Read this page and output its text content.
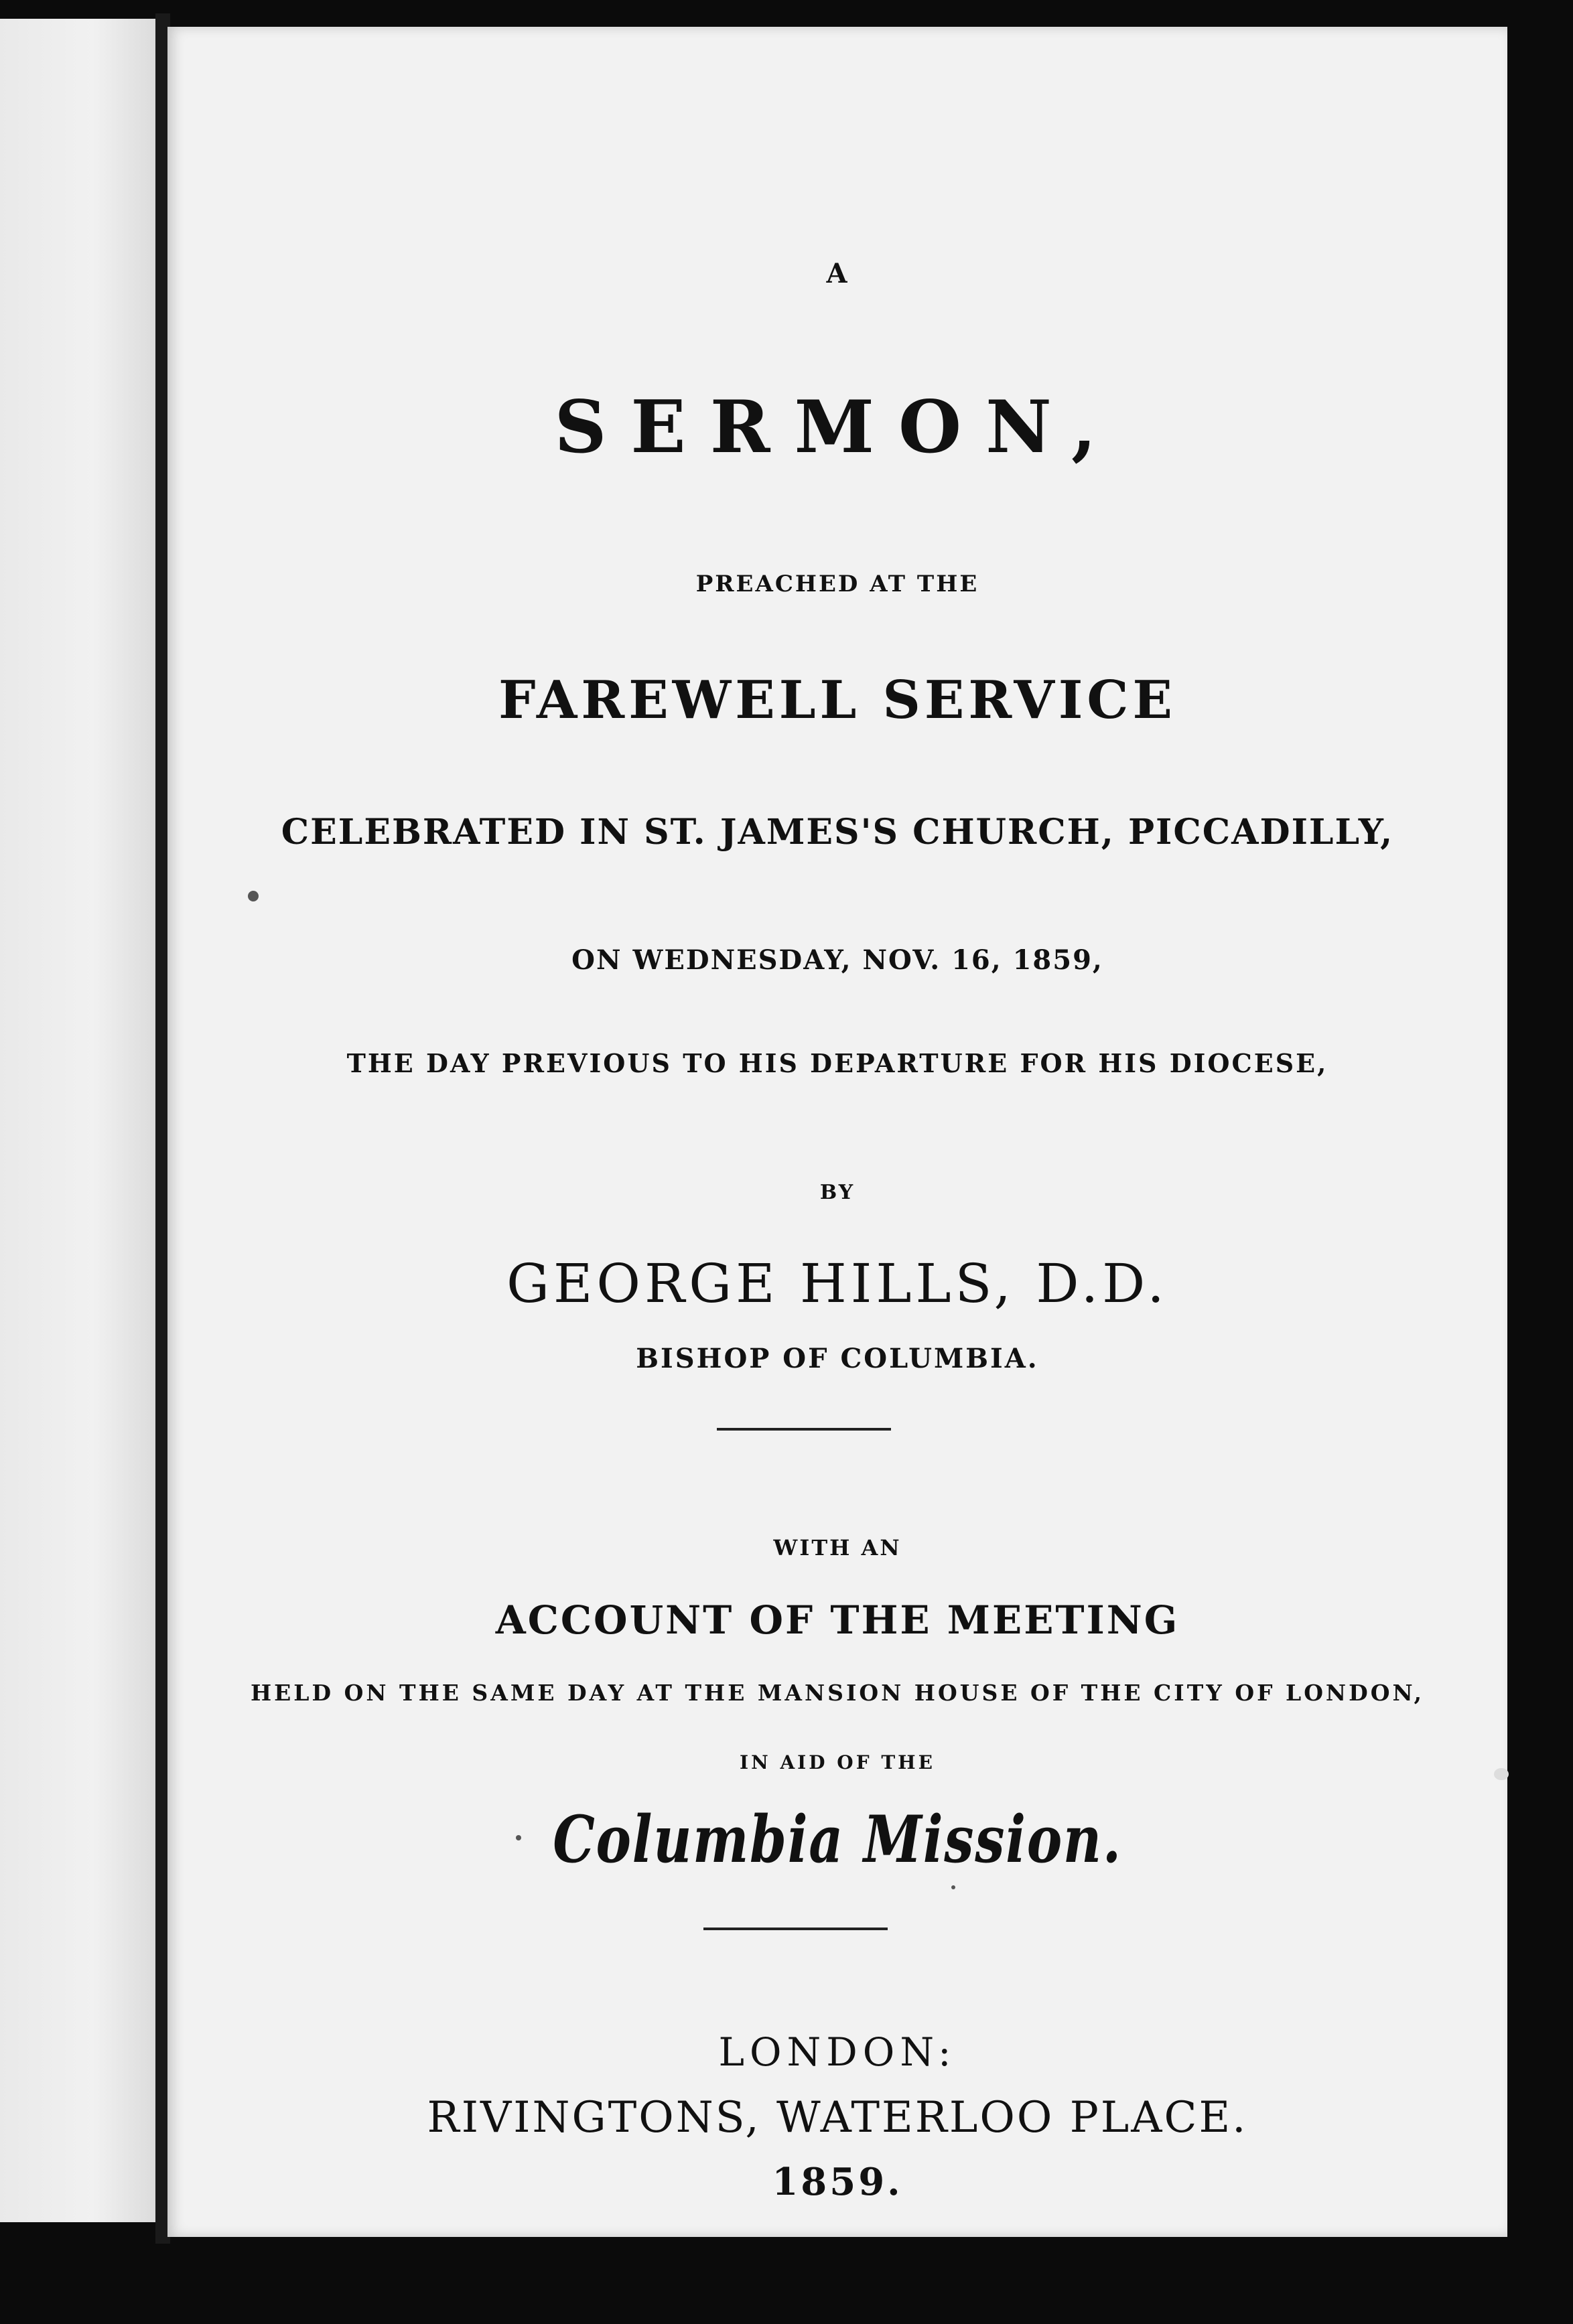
A
SERMON,
PREACHED AT THE
FAREWELL SERVICE
CELEBRATED IN ST. JAMES'S CHURCH, PICCADILLY,
ON WEDNESDAY, NOV. 16, 1859,
THE DAY PREVIOUS TO HIS DEPARTURE FOR HIS DIOCESE,
BY
GEORGE HILLS, D.D.
BISHOP OF COLUMBIA.
WITH AN
ACCOUNT OF THE MEETING
HELD ON THE SAME DAY AT THE MANSION HOUSE OF THE CITY OF LONDON,
IN AID OF THE
Columbia Mission.
LONDON:
RIVINGTONS, WATERLOO PLACE.
1859.
